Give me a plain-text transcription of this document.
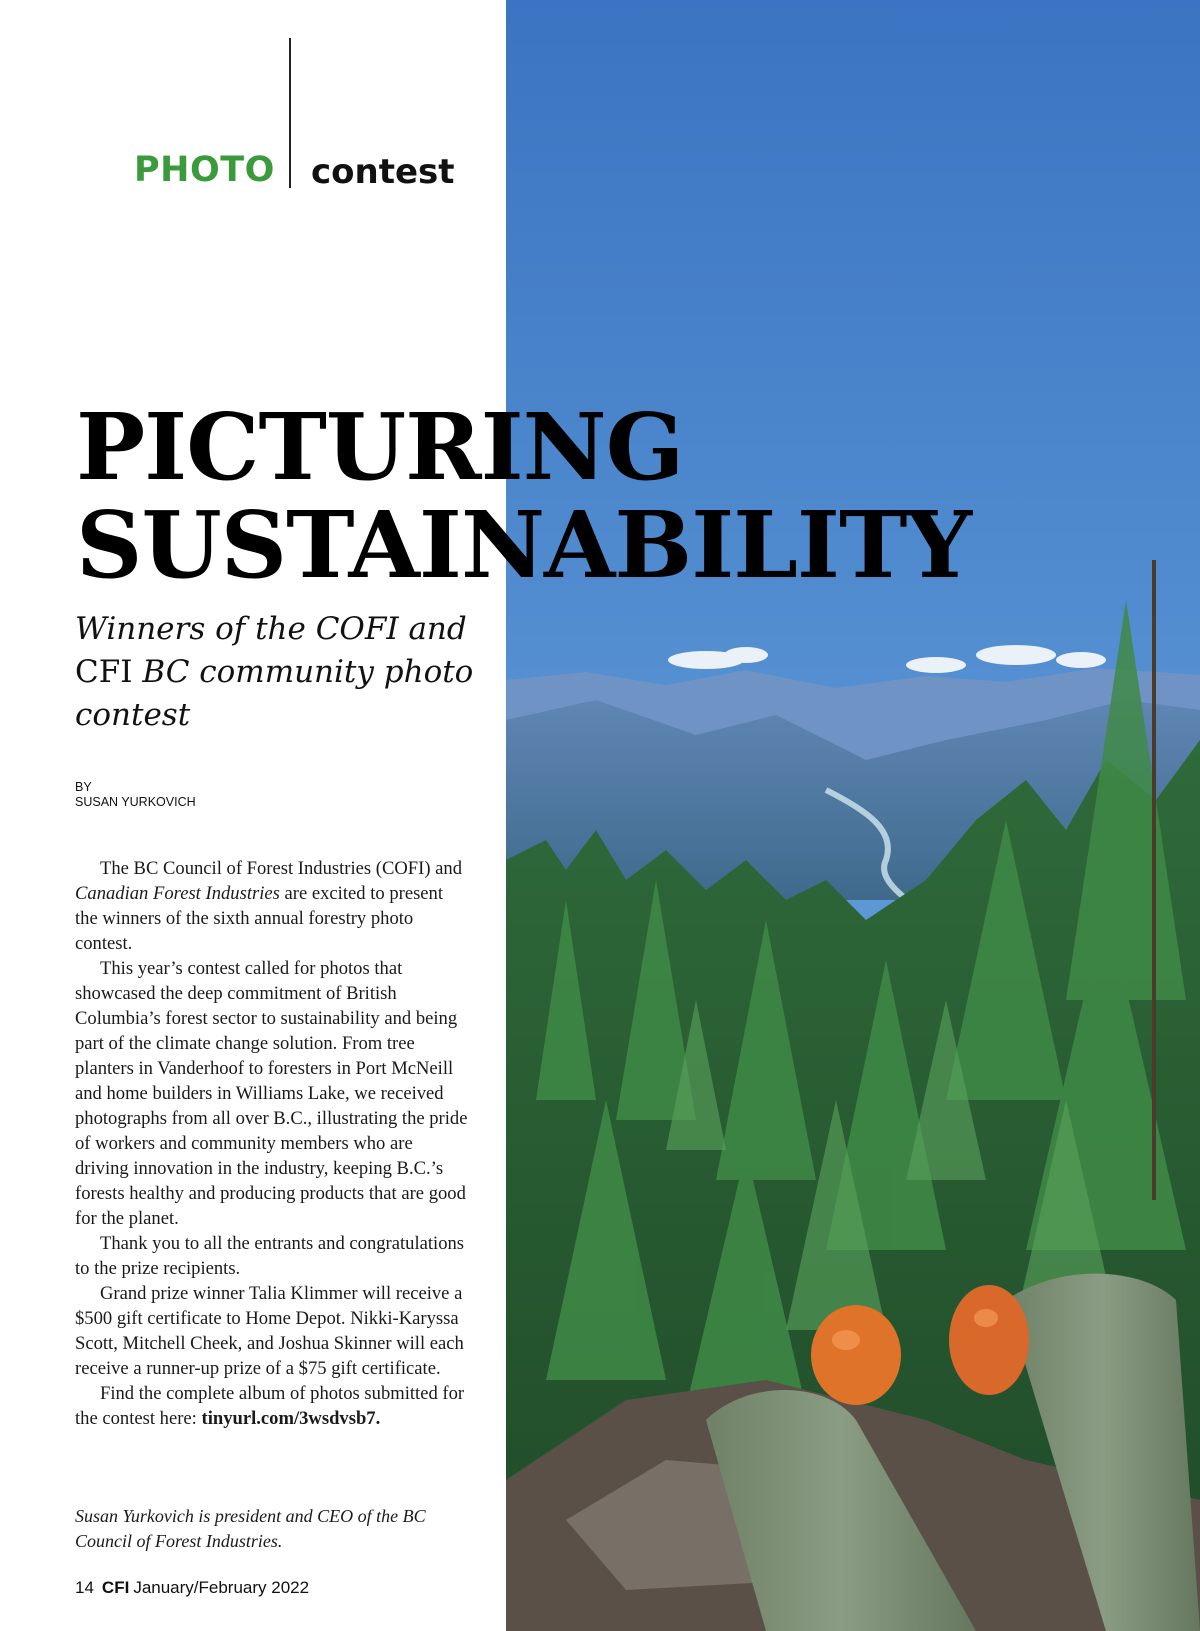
PHOTO contest
PICTURING
SUSTAINABILITY
Winners of the COFI and CFI BC community photo contest
BY
SUSAN YURKOVICH

The BC Council of Forest Industries (COFI) and Canadian Forest Industries are excited to present the winners of the sixth annual forestry photo contest.

This year’s contest called for photos that showcased the deep commitment of British Columbia’s forest sector to sustainability and being part of the climate change solution. From tree planters in Vanderhoof to foresters in Port McNeill and home builders in Williams Lake, we received photographs from all over B.C., illustrating the pride of workers and community members who are driving innovation in the industry, keeping B.C.’s forests healthy and producing products that are good for the planet.

Thank you to all the entrants and congratulations to the prize recipients.

Grand prize winner Talia Klimmer will receive a $500 gift certificate to Home Depot. Nikki-Karyssa Scott, Mitchell Cheek, and Joshua Skinner will each receive a runner-up prize of a $75 gift certificate.

Find the complete album of photos submitted for the contest here: tinyurl.com/3wsdvsb7.

Susan Yurkovich is president and CEO of the BC Council of Forest Industries.
14 CFI January/February 2022
